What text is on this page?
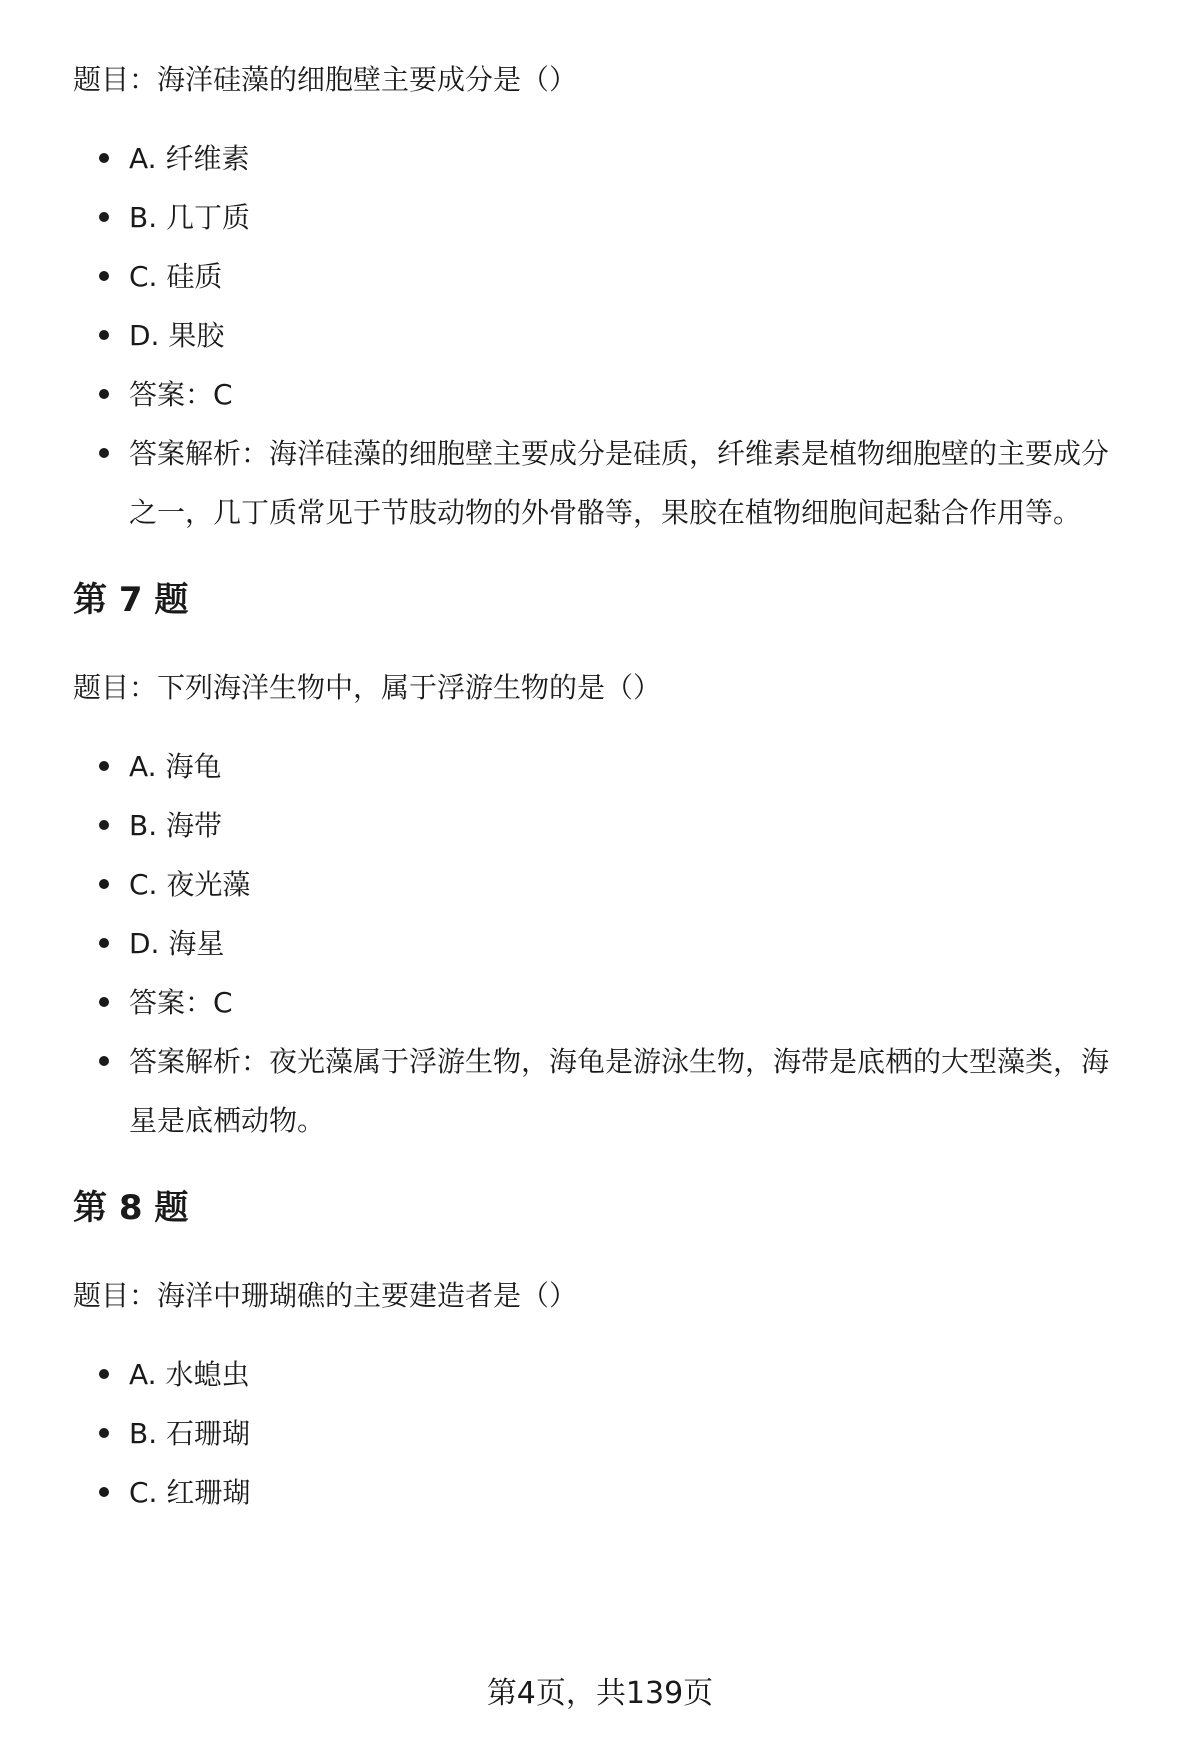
题目：海洋硅藻的细胞壁主要成分是（）

A. 纤维素
B. 几丁质
C. 硅质
D. 果胶
答案：C
答案解析：海洋硅藻的细胞壁主要成分是硅质，纤维素是植物细胞壁的主要成分之一，几丁质常见于节肢动物的外骨骼等，果胶在植物细胞间起黏合作用等。
第 7 题

题目：下列海洋生物中，属于浮游生物的是（）

A. 海龟
B. 海带
C. 夜光藻
D. 海星
答案：C
答案解析：夜光藻属于浮游生物，海龟是游泳生物，海带是底栖的大型藻类，海星是底栖动物。
第 8 题

题目：海洋中珊瑚礁的主要建造者是（）

A. 水螅虫
B. 石珊瑚
C. 红珊瑚
第4页，共139页
